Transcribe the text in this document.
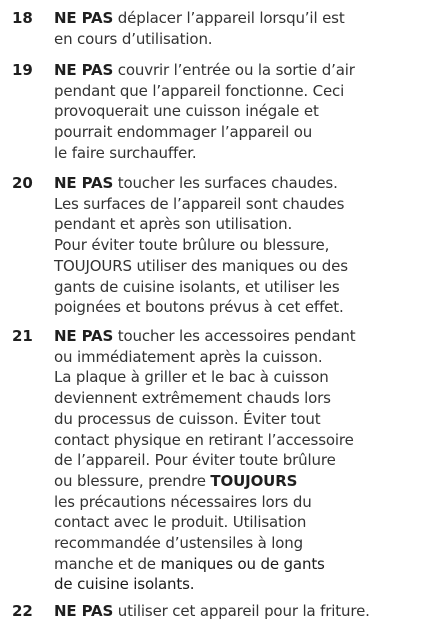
18 NE PAS déplacer l’appareil lorsqu’il est
en cours d’utilisation.
19 NE PAS couvrir l’entrée ou la sortie d’air
pendant que l’appareil fonctionne. Ceci
provoquerait une cuisson inégale et
pourrait endommager l’appareil ou
le faire surchauffer.
20 NE PAS toucher les surfaces chaudes.
Les surfaces de l’appareil sont chaudes
pendant et après son utilisation.
Pour éviter toute brûlure ou blessure,
TOUJOURS utiliser des maniques ou des
gants de cuisine isolants, et utiliser les
poignées et boutons prévus à cet effet.
21 NE PAS toucher les accessoires pendant
ou immédiatement après la cuisson.
La plaque à griller et le bac à cuisson
deviennent extrêmement chauds lors
du processus de cuisson. Éviter tout
contact physique en retirant l’accessoire
de l’appareil. Pour éviter toute brûlure
ou blessure, prendre TOUJOURS
les précautions nécessaires lors du
contact avec le produit. Utilisation
recommandée d’ustensiles à long
manche et de maniques ou de gants
de cuisine isolants.
22 NE PAS utiliser cet appareil pour la friture.
